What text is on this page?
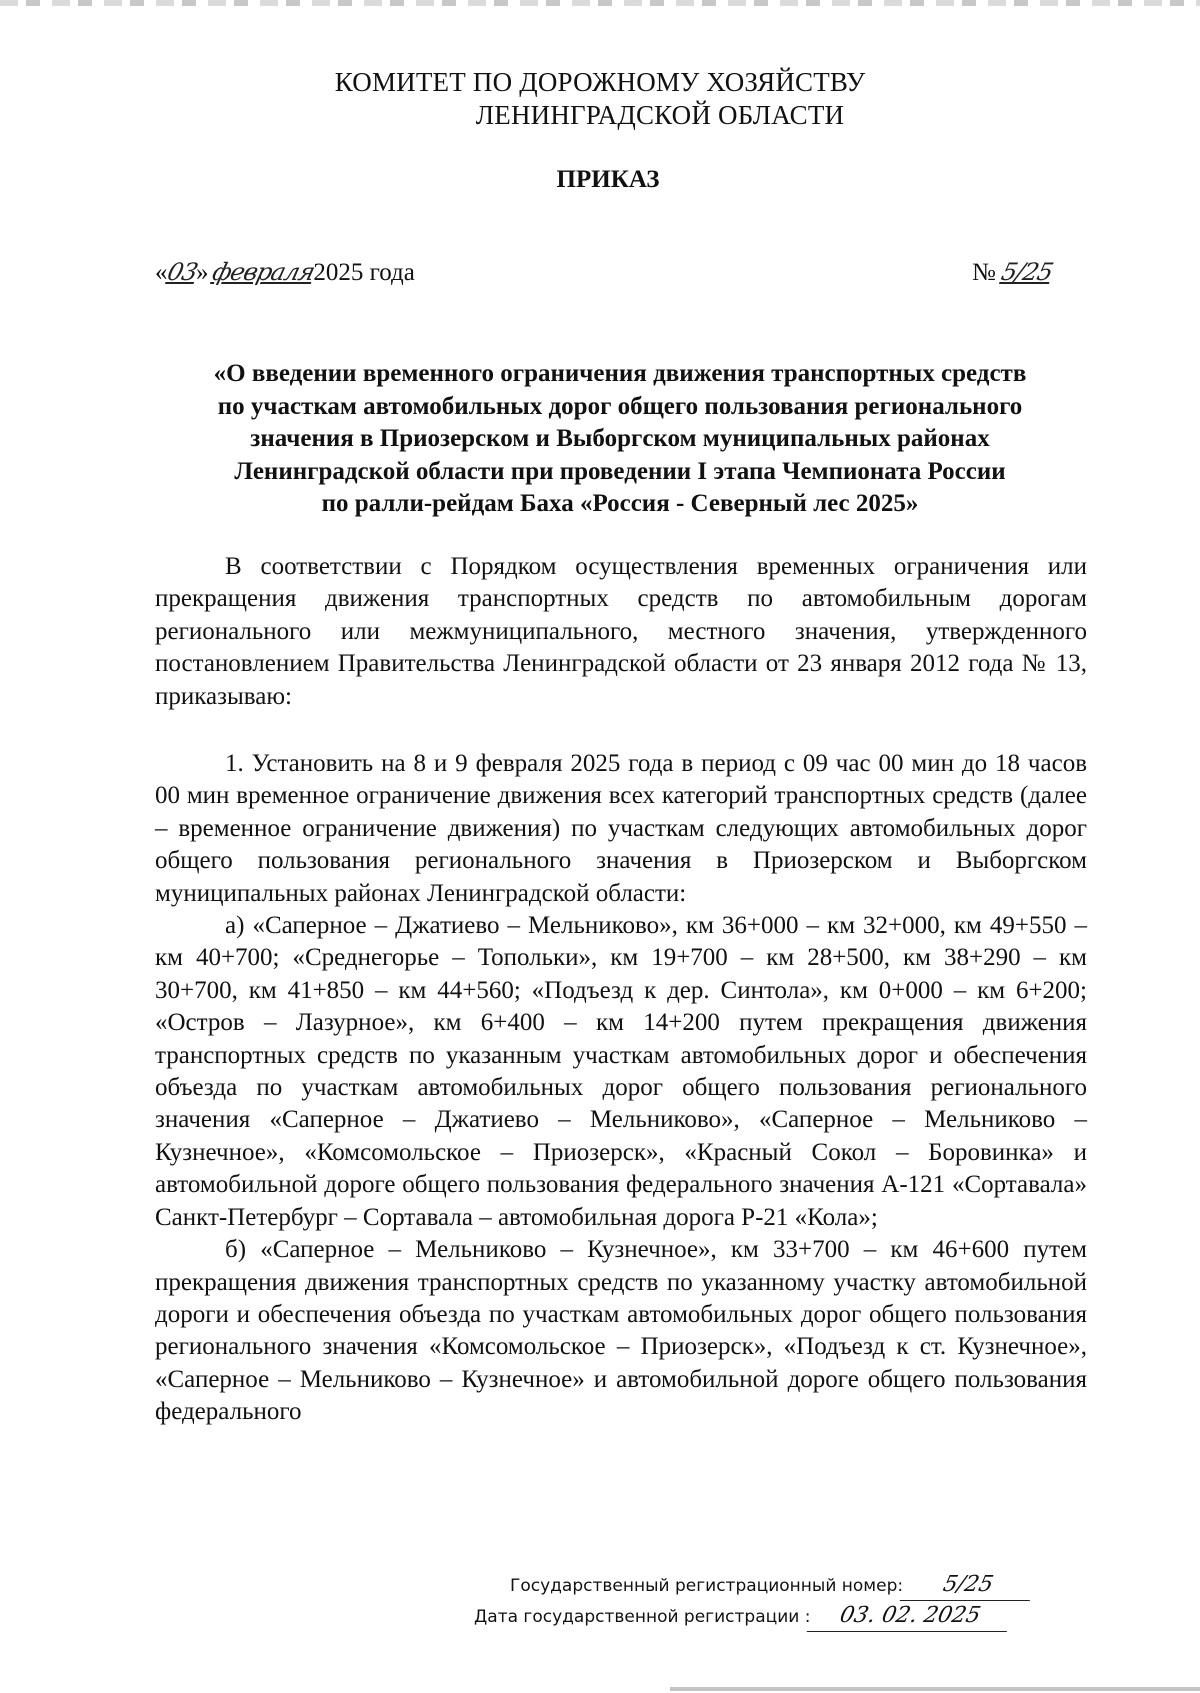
КОМИТЕТ ПО ДОРОЖНОМУ ХОЗЯЙСТВУ
ЛЕНИНГРАДСКОЙ ОБЛАСТИ
ПРИКАЗ
«
03
» февраля
2025 года	№ 5/25
«О введении временного ограничения движения транспортных средств
по участкам автомобильных дорог общего пользования регионального
значения в Приозерском и Выборгском муниципальных районах
Ленинградской области при проведении I этапа Чемпионата России
по ралли-рейдам Баха «Россия - Северный лес 2025»

В соответствии с Порядком осуществления временных ограничения или прекращения движения транспортных средств по автомобильным дорогам регионального или межмуниципального, местного значения, утвержденного постановлением Правительства Ленинградской области от 23 января 2012 года № 13, приказываю:

1. Установить на 8 и 9 февраля 2025 года в период с 09 час 00 мин до 18 часов 00 мин временное ограничение движения всех категорий транспортных средств (далее – временное ограничение движения) по участкам следующих автомобильных дорог общего пользования регионального значения в Приозерском и Выборгском муниципальных районах Ленинградской области:

а) «Саперное – Джатиево – Мельниково», км 36+000 – км 32+000, км 49+550 – км 40+700; «Среднегорье – Топольки», км 19+700 – км 28+500, км 38+290 – км 30+700, км 41+850 – км 44+560; «Подъезд к дер. Синтола», км 0+000 – км 6+200; «Остров – Лазурное», км 6+400 – км 14+200 путем прекращения движения транспортных средств по указанным участкам автомобильных дорог и обеспечения объезда по участкам автомобильных дорог общего пользования регионального значения «Саперное – Джатиево – Мельниково», «Саперное – Мельниково – Кузнечное», «Комсомольское – Приозерск», «Красный Сокол – Боровинка» и автомобильной дороге общего пользования федерального значения А-121 «Сортавала» Санкт-Петербург – Сортавала – автомобильная дорога Р-21 «Кола»;

б) «Саперное – Мельниково – Кузнечное», км 33+700 – км 46+600 путем прекращения движения транспортных средств по указанному участку автомобильной дороги и обеспечения объезда по участкам автомобильных дорог общего пользования регионального значения «Комсомольское – Приозерск», «Подъезд к ст. Кузнечное», «Саперное – Мельниково – Кузнечное» и автомобильной дороге общего пользования федерального

Государственный регистрационный номер:	5/25
Дата государственной регистрации :	03. 02. 2025
